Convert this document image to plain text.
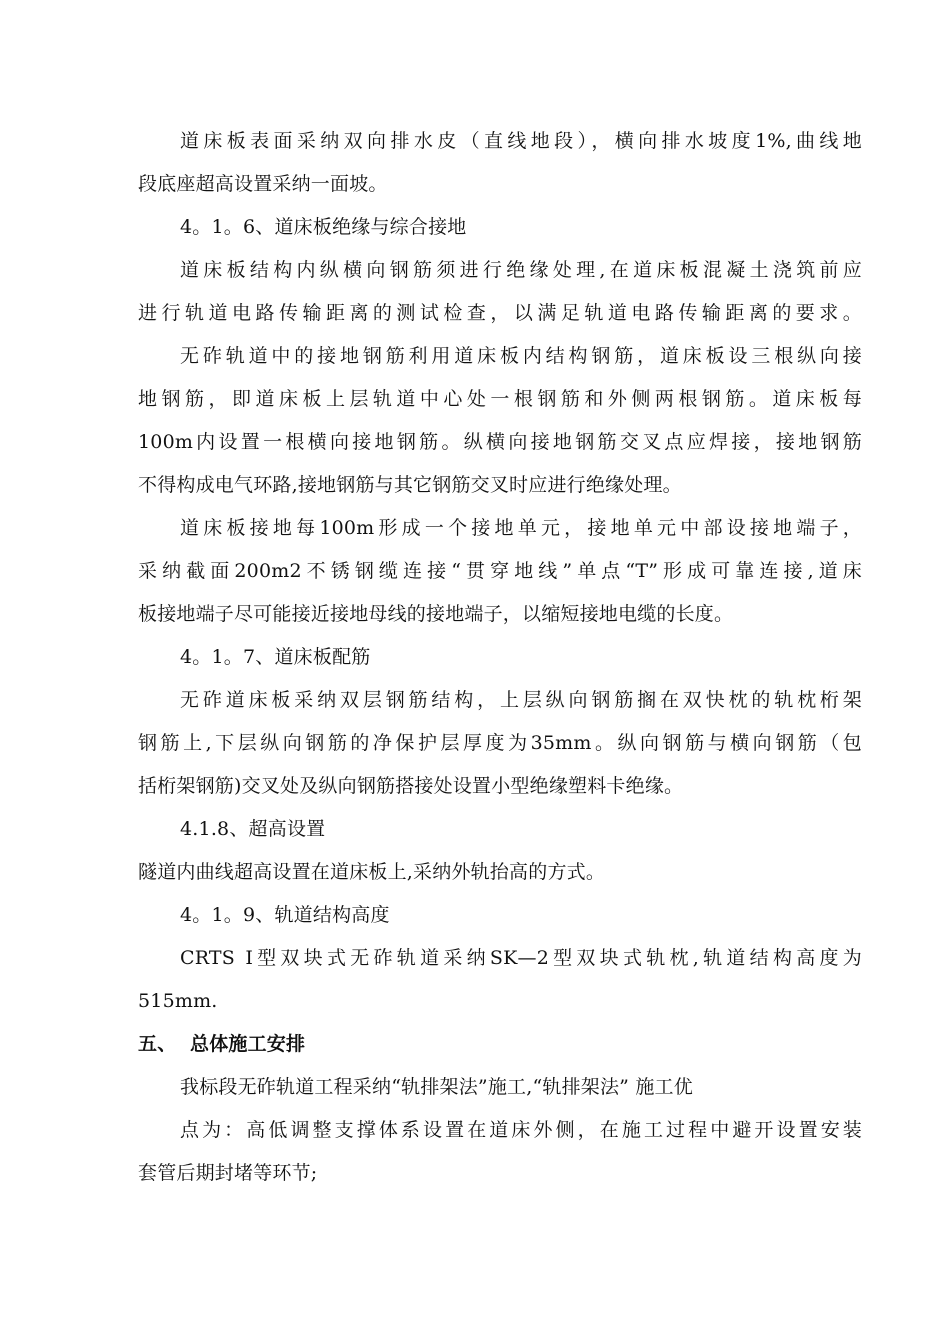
道床板表面采纳双向排水皮（直线地段），横向排水坡度1%,曲线地
段底座超高设置采纳一面坡。
4。1。6、道床板绝缘与综合接地
道床板结构内纵横向钢筋须进行绝缘处理,在道床板混凝土浇筑前应
进行轨道电路传输距离的测试检查，以满足轨道电路传输距离的要求。
无砟轨道中的接地钢筋利用道床板内结构钢筋，道床板设三根纵向接
地钢筋，即道床板上层轨道中心处一根钢筋和外侧两根钢筋。道床板每
100m内设置一根横向接地钢筋。纵横向接地钢筋交叉点应焊接，接地钢筋
不得构成电气环路,接地钢筋与其它钢筋交叉时应进行绝缘处理。
道床板接地每100m形成一个接地单元，接地单元中部设接地端子，
采纳截面200m2不锈钢缆连接“贯穿地线”单点“T”形成可靠连接,道床
板接地端子尽可能接近接地母线的接地端子，以缩短接地电缆的长度。
4。1。7、道床板配筋
无砟道床板采纳双层钢筋结构，上层纵向钢筋搁在双快枕的轨枕桁架
钢筋上,下层纵向钢筋的净保护层厚度为35mm。纵向钢筋与横向钢筋（包
括桁架钢筋)交叉处及纵向钢筋搭接处设置小型绝缘塑料卡绝缘。
4.1.8、超高设置
隧道内曲线超高设置在道床板上,采纳外轨抬高的方式。
4。1。9、轨道结构高度
CRTS Ⅰ型双块式无砟轨道采纳SK—2型双块式轨枕,轨道结构高度为
515mm.
五、 总体施工安排
我标段无砟轨道工程采纳“轨排架法”施工,“轨排架法” 施工优
点为：高低调整支撑体系设置在道床外侧，在施工过程中避开设置安装
套管后期封堵等环节;
